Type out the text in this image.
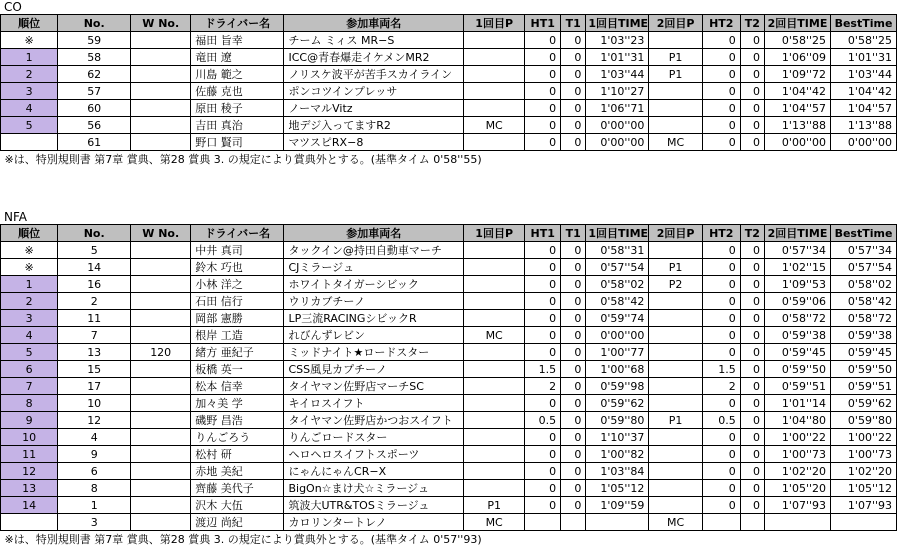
CO
順位	No.	W No.	ドライバー名	参加車両名	1回目P	HT1	T1	1回目TIME	2回目P	HT2	T2	2回目TIME	BestTime
※	59		福田 旨幸	チーム ミィス MR−S		0	0	1'03''23		0	0	0'58''25	0'58''25
1	58		竜田 遼	ICC@青春爆走イケメンMR2		0	0	1'01''31	P1	0	0	1'06''09	1'01''31
2	62		川島 範之	ノリスケ波平が苦手スカイライン		0	0	1'03''44	P1	0	0	1'09''72	1'03''44
3	57		佐藤 克也	ポンコツインプレッサ		0	0	1'10''27		0	0	1'04''42	1'04''42
4	60		原田 稜子	ノーマルVitz		0	0	1'06''71		0	0	1'04''57	1'04''57
5	56		吉田 真治	地デジ入ってますR2	MC	0	0	0'00''00		0	0	1'13''88	1'13''88
	61		野口 賢司	マツスピRX−8		0	0	0'00''00	MC	0	0	0'00''00	0'00''00
※は、特別規則書 第7章 賞典、第28 賞典 3. の規定により賞典外とする。(基準タイム 0'58''55)													
NFA
順位	No.	W No.	ドライバー名	参加車両名	1回目P	HT1	T1	1回目TIME	2回目P	HT2	T2	2回目TIME	BestTime
※	5		中井 真司	タックイン@持田自動車マーチ		0	0	0'58''31		0	0	0'57''34	0'57''34
※	14		鈴木 巧也	CJミラージュ		0	0	0'57''54	P1	0	0	1'02''15	0'57''54
1	16		小林 洋之	ホワイトタイガーシビック		0	0	0'58''02	P2	0	0	1'09''53	0'58''02
2	2		石田 信行	ウリカブチーノ		0	0	0'58''42		0	0	0'59''06	0'58''42
3	11		岡部 憲勝	LP三流RACINGシビックR		0	0	0'59''74		0	0	0'58''72	0'58''72
4	7		根岸 工造	れびんずレビン	MC	0	0	0'00''00		0	0	0'59''38	0'59''38
5	13	120	緒方 亜紀子	ミッドナイト★ロードスター		0	0	1'00''77		0	0	0'59''45	0'59''45
6	15		板橋 英一	CSS風見カプチーノ		1.5	0	1'00''68		1.5	0	0'59''50	0'59''50
7	17		松本 信幸	タイヤマン佐野店マーチSC		2	0	0'59''98		2	0	0'59''51	0'59''51
8	10		加々美 学	キイロスイフト		0	0	0'59''62		0	0	1'01''14	0'59''62
9	12		磯野 昌浩	タイヤマン佐野店かつおスイフト		0.5	0	0'59''80	P1	0.5	0	1'04''80	0'59''80
10	4		りんごろう	りんごロードスター		0	0	1'10''37		0	0	1'00''22	1'00''22
11	9		松村 研	ヘロヘロスイフトスポーツ		0	0	1'00''82		0	0	1'00''73	1'00''73
12	6		赤地 美紀	にゃんにゃんCR−X		0	0	1'03''84		0	0	1'02''20	1'02''20
13	8		齊藤 美代子	BigOn☆まけ犬☆ミラージュ		0	0	1'05''12		0	0	1'05''20	1'05''12
14	1		沢木 大伍	筑波大UTR&TOSミラージュ	P1	0	0	1'09''59		0	0	1'07''93	1'07''93
	3		渡辺 尚紀	カロリンタートレノ	MC				MC				
※は、特別規則書 第7章 賞典、第28 賞典 3. の規定により賞典外とする。(基準タイム 0'57''93)													
